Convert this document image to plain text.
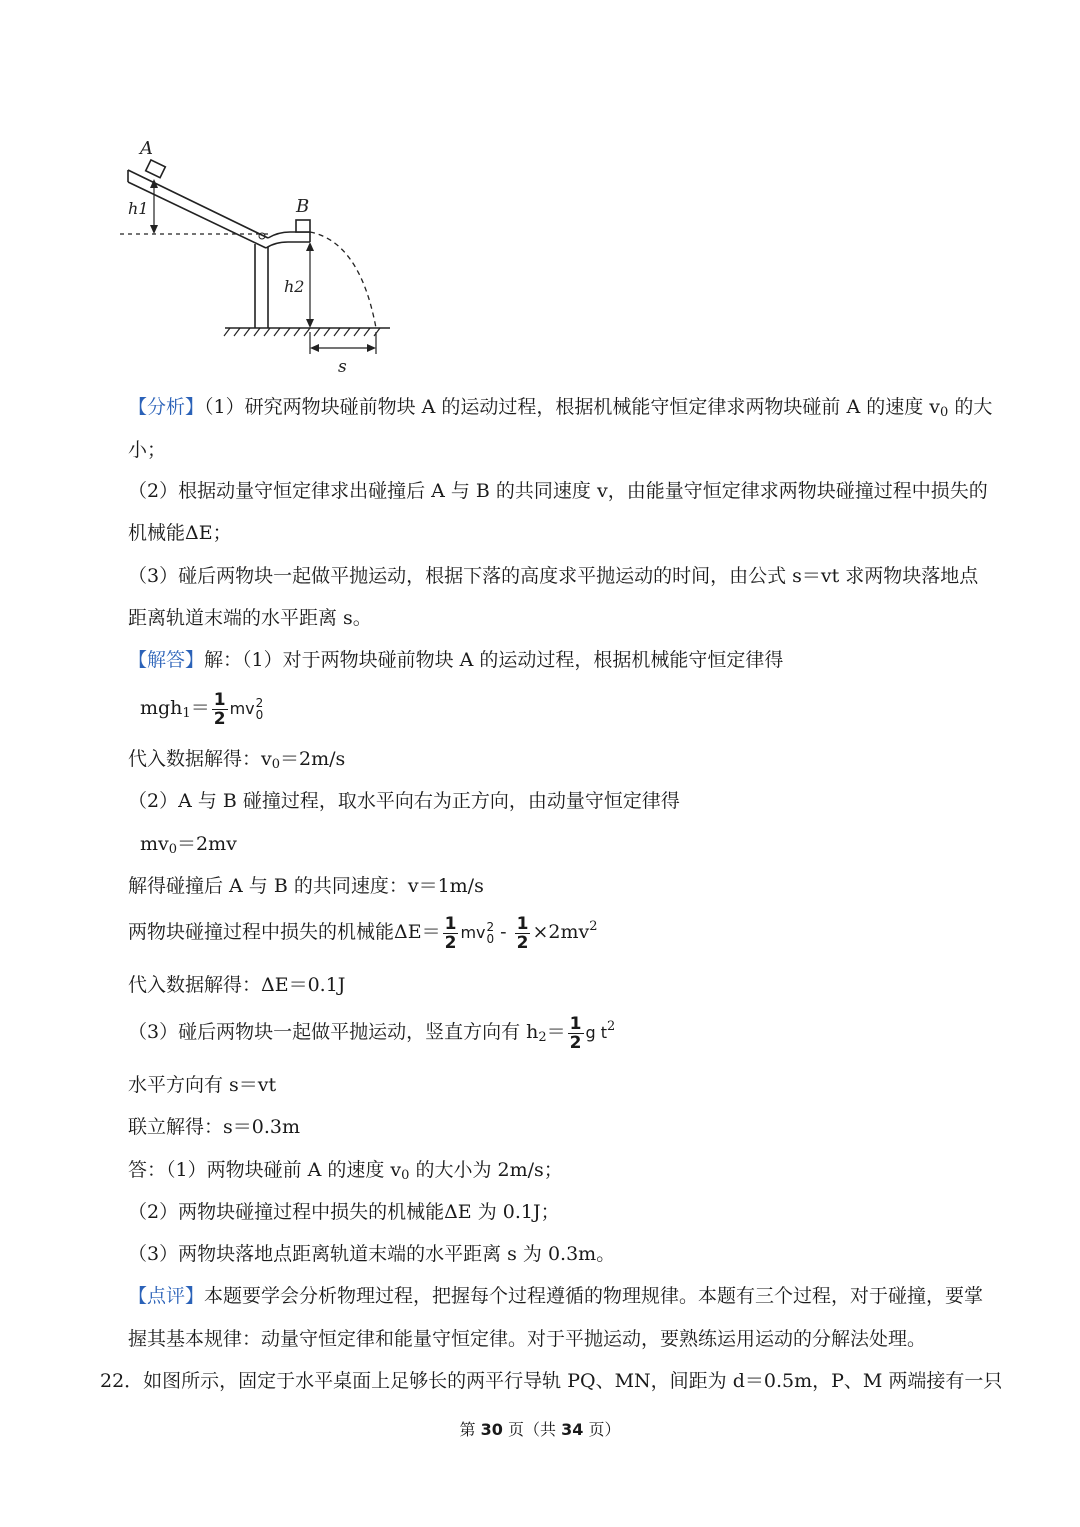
A
B
h1
h2
s
【分析】（1）研究两物块碰前物块 A 的运动过程，根据机械能守恒定律求两物块碰前 A 的速度 $v_0$ 的大
小；
（2）根据动量守恒定律求出碰撞后 A 与 B 的共同速度 v，由能量守恒定律求两物块碰撞过程中损失的
机械能ΔE；
（3）碰后两物块一起做平抛运动，根据下落的高度求平抛运动的时间，由公式 s＝vt 求两物块落地点
距离轨道末端的水平距离 s。
【解答】解：（1）对于两物块碰前物块 A 的运动过程，根据机械能守恒定律得
$mgh_1= \frac{1}{2}$ mv 2
0
代入数据解得：$v_0=2m/s$
（2）A 与 B 碰撞过程，取水平向右为正方向，由动量守恒定律得
$mv_0=2mv$
解得碰撞后 A 与 B 的共同速度：v＝1m/s
两物块碰撞过程中损失的机械能$\Delta E= \frac{1}{2}$ mv 2
$0 - \frac{1}{2} \times 2mv^2$
代入数据解得：ΔE＝0.1J
（3）碰后两物块一起做平抛运动，竖直方向有 $h_2= \frac{1}{2}$ g $t^2$
水平方向有 s＝vt
联立解得：s＝0.3m
答：（1）两物块碰前 A 的速度 $v_0$ 的大小为 2m/s；
（2）两物块碰撞过程中损失的机械能ΔE 为 0.1J；
（3）两物块落地点距离轨道末端的水平距离 s 为 0.3m。
【点评】本题要学会分析物理过程，把握每个过程遵循的物理规律。本题有三个过程，对于碰撞，要掌
握其基本规律：动量守恒定律和能量守恒定律。对于平抛运动，要熟练运用运动的分解法处理。
22．如图所示，固定于水平桌面上足够长的两平行导轨 PQ、MN，间距为 d＝0.5m，P、M 两端接有一只
第 30 页（共 34 页）
